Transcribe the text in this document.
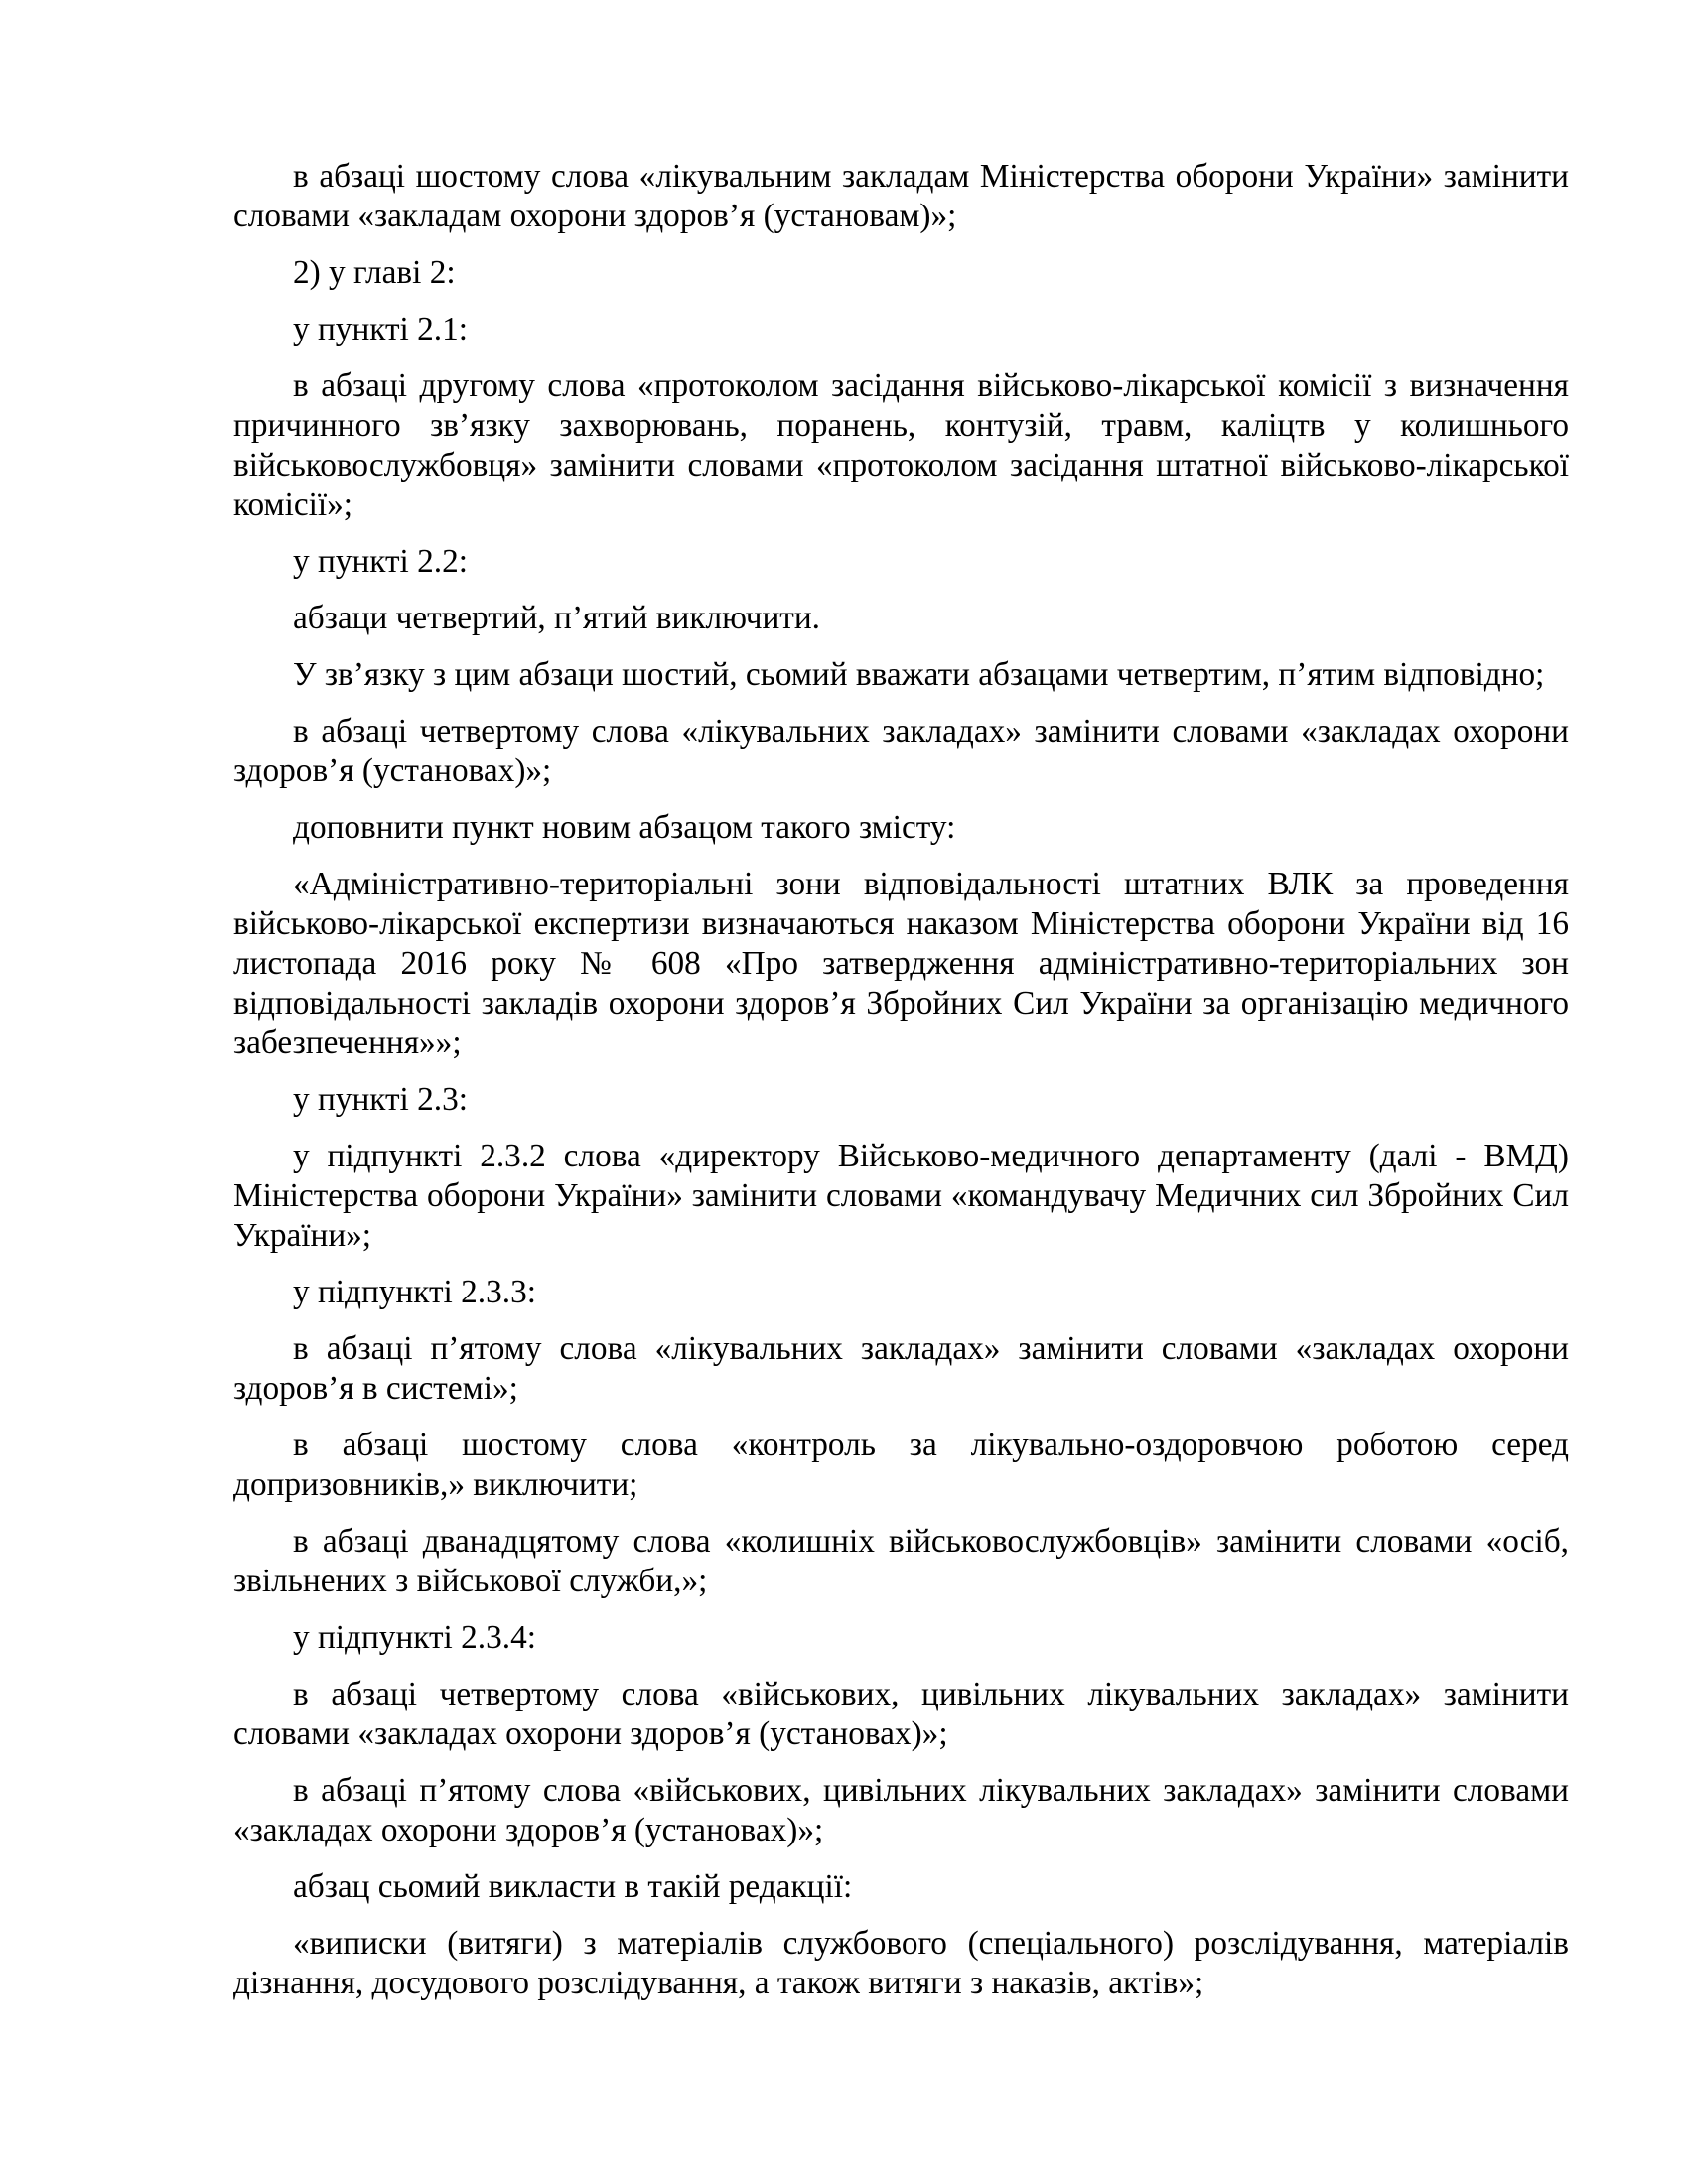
в абзаці шостому слова «лікувальним закладам Міністерства оборони України» замінити словами «закладам охорони здоров’я (установам)»;

2) у главі 2:

у пункті 2.1:

в абзаці другому слова «протоколом засідання військово-лікарської комісії з визначення причинного зв’язку захворювань, поранень, контузій, травм, каліцтв у колишнього військовослужбовця» замінити словами «протоколом засідання штатної військово-лікарської комісії»;

у пункті 2.2:

абзаци четвертий, п’ятий виключити.

У зв’язку з цим абзаци шостий, сьомий вважати абзацами четвертим, п’ятим відповідно;

в абзаці четвертому слова «лікувальних закладах» замінити словами «закладах охорони здоров’я (установах)»;

доповнити пункт новим абзацом такого змісту:

«Адміністративно-територіальні зони відповідальності штатних ВЛК за проведення військово-лікарської експертизи визначаються наказом Міністерства оборони України від 16 листопада 2016 року № 608 «Про затвердження адміністративно-територіальних зон відповідальності закладів охорони здоров’я Збройних Сил України за організацію медичного забезпечення»»;

у пункті 2.3:

у підпункті 2.3.2 слова «директору Військово-медичного департаменту (далі - ВМД) Міністерства оборони України» замінити словами «командувачу Медичних сил Збройних Сил України»;

у підпункті 2.3.3:

в абзаці п’ятому слова «лікувальних закладах» замінити словами «закладах охорони здоров’я в системі»;

в абзаці шостому слова «контроль за лікувально-оздоровчою роботою серед допризовників,» виключити;

в абзаці дванадцятому слова «колишніх військовослужбовців» замінити словами «осіб, звільнених з військової служби,»;

у підпункті 2.3.4:

в абзаці четвертому слова «військових, цивільних лікувальних закладах» замінити словами «закладах охорони здоров’я (установах)»;

в абзаці п’ятому слова «військових, цивільних лікувальних закладах» замінити словами «закладах охорони здоров’я (установах)»;

абзац сьомий викласти в такій редакції:

«виписки (витяги) з матеріалів службового (спеціального) розслідування, матеріалів дізнання, досудового розслідування, а також витяги з наказів, актів»;
